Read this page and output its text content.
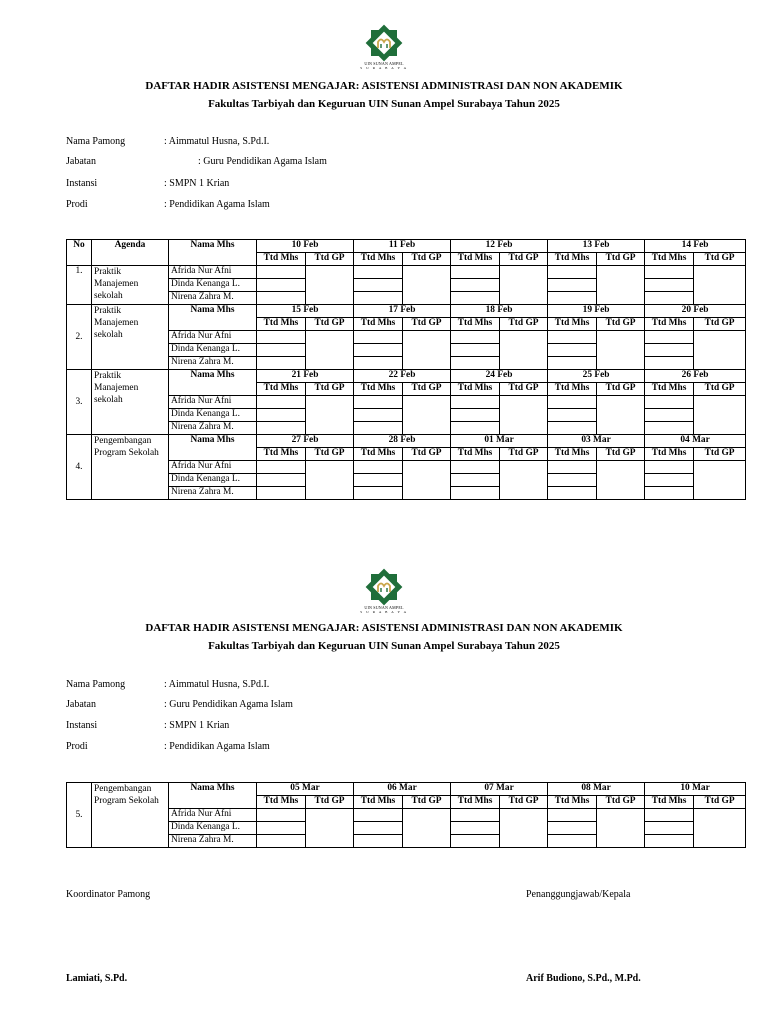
UIN SUNAN AMPEL
S U R A B A Y A
DAFTAR HADIR ASISTENSI MENGAJAR: ASISTENSI ADMINISTRASI DAN NON AKADEMIK
Fakultas Tarbiyah dan Keguruan UIN Sunan Ampel Surabaya Tahun 2025
Nama Pamong	: Aimmatul Husna, S.Pd.I.
Jabatan	: Guru Pendidikan Agama Islam
Instansi	: SMPN 1 Krian
Prodi	: Pendidikan Agama Islam
No	Agenda	Nama Mhs	10 Feb		11 Feb		12 Feb		13 Feb		14 Feb	
			Ttd Mhs	Ttd GP	Ttd Mhs	Ttd GP	Ttd Mhs	Ttd GP	Ttd Mhs	Ttd GP	Ttd Mhs	Ttd GP
1.	Praktik Manajemen sekolah	Afrida Nur Afni										
		Dinda Kenanga L.										
		Nirena Zahra M.										
2.	Praktik Manajemen sekolah	Nama Mhs	15 Feb		17 Feb		18 Feb		19 Feb		20 Feb	
			Ttd Mhs	Ttd GP	Ttd Mhs	Ttd GP	Ttd Mhs	Ttd GP	Ttd Mhs	Ttd GP	Ttd Mhs	Ttd GP
		Afrida Nur Afni										
		Dinda Kenanga L.										
		Nirena Zahra M.										
3.	Praktik Manajemen sekolah	Nama Mhs	21 Feb		22 Feb		24 Feb		25 Feb		26 Feb	
			Ttd Mhs	Ttd GP	Ttd Mhs	Ttd GP	Ttd Mhs	Ttd GP	Ttd Mhs	Ttd GP	Ttd Mhs	Ttd GP
		Afrida Nur Afni										
		Dinda Kenanga L.										
		Nirena Zahra M.										
4.	Pengembangan Program Sekolah	Nama Mhs	27 Feb		28 Feb		01 Mar		03 Mar		04 Mar	
			Ttd Mhs	Ttd GP	Ttd Mhs	Ttd GP	Ttd Mhs	Ttd GP	Ttd Mhs	Ttd GP	Ttd Mhs	Ttd GP
		Afrida Nur Afni										
		Dinda Kenanga L.										
		Nirena Zahra M.										
UIN SUNAN AMPEL
S U R A B A Y A
DAFTAR HADIR ASISTENSI MENGAJAR: ASISTENSI ADMINISTRASI DAN NON AKADEMIK
Fakultas Tarbiyah dan Keguruan UIN Sunan Ampel Surabaya Tahun 2025
Nama Pamong	: Aimmatul Husna, S.Pd.I.
Jabatan	: Guru Pendidikan Agama Islam
Instansi	: SMPN 1 Krian
Prodi	: Pendidikan Agama Islam
5.	Pengembangan Program Sekolah	Nama Mhs	05 Mar		06 Mar		07 Mar		08 Mar		10 Mar	
			Ttd Mhs	Ttd GP	Ttd Mhs	Ttd GP	Ttd Mhs	Ttd GP	Ttd Mhs	Ttd GP	Ttd Mhs	Ttd GP
		Afrida Nur Afni										
		Dinda Kenanga L.										
		Nirena Zahra M.										
Koordinator Pamong	Penanggungjawab/Kepala
Lamiati, S.Pd.	Arif Budiono, S.Pd., M.Pd.
